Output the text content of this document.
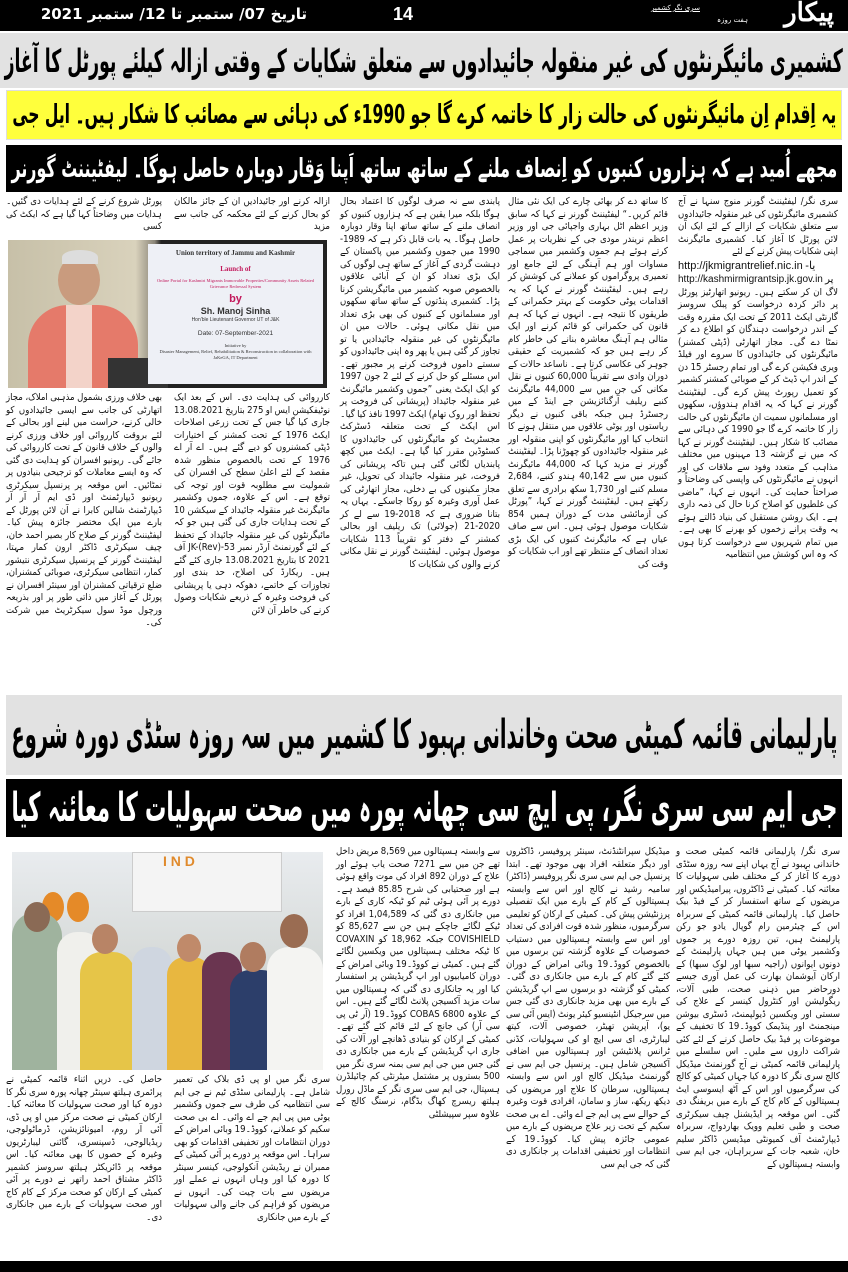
تاریخ 07/ ستمبر تا 12/ ستمبر 2021	14	پیکار
ہفت روزہ
سری نگر کشمیر
کشمیری مائیگرنٹوں کی غیر منقولہ جائیدادوں سے متعلق شکایات کے وقتی ازالہ کیلئے پورٹل کا آغاز
یہ اِقدام اِن مائیگرنٹوں کی حالت زار کا خاتمہ کرے گا جو 1990ء کی دہائی سے مصائب کا شکار ہیں۔ ایل جی
مجھے اُمید ہے کہ ہزاروں کنبوں کو اِنصاف ملنے کے ساتھ ساتھ اَپنا وَقار دوبارہ حاصل ہوگا۔ لیفٹیننٹ گورنر

سری نگر/ لیفٹیننٹ گورنر منوج سنہا نے آج کشمیری مائیگرنٹوں کی غیر منقولہ جائیدادوں سے متعلق شکایات کے ازالے کے لئے ایک آن لائن پورٹل کا آغاز کیا۔ کشمیری مائیگرنٹ اپنی شکایات پیش کرنے کے لئے

http://jkmigrantrelief.nic.in -یا
http://kashmirmigrantsip.jk.gov.in پر

لاگ ان کر سکتے ہیں۔ ریونیو اتھارٹیز پورٹل پر دائر کردہ درخواست کو پبلک سروسز گارنٹی ایکٹ 2011 کے تحت ایک مقررہ وقت کے اندر درخواست دہندگان کو اطلاع دے کر نمٹا دے گی۔ مجاز اتھارٹی (ڈپٹی کمشنر) مائیگرنٹوں کی جائیدادوں کا سروے اور فیلڈ ویری فکیشن کرے گی اور تمام رجسٹر 15 دن کے اندر اپ ڈیٹ کر کے صوبائی کمشنر کشمیر کو تعمیل رپورٹ پیش کرے گی۔ لیفٹیننٹ گورنر نے کہا کہ یہ اقدام ہندوؤں، سکھوں اور مسلمانوں سمیت ان مائیگرنٹوں کی حالت زار کا خاتمہ کرے گا جو 1990 کی دہائی سے مصائب کا شکار ہیں۔ لیفٹیننٹ گورنر نے کہا کہ میں نے گزشتہ 13 مہینوں میں مختلف مذاہب کے متعدد وفود سے ملاقات کی اور انہوں نے مائیگرنٹوں کی واپسی کی وضاحتاً و صراحتاً حمایت کی۔ انہوں نے کہا، ”ماضی کی غلطیوں کو اصلاح کرنا حال کی ذمہ داری ہے۔ ایک روشن مستقبل کی بنیاد ڈالتے ہوئے یہ وقت پرانے زخموں کو بھرنے کا بھی ہے۔ میں تمام شہریوں سے درخواست کرتا ہوں کہ وہ اس کوشش میں انتظامیہ

کا ساتھ دے کر بھائی چارے کی ایک نئی مثال قائم کریں۔“ لیفٹیننٹ گورنر نے کہا کہ سابق وزیر اعظم اٹل بہاری واجپائی جی اور وزیر اعظم نریندر مودی جی کے نظریات پر عمل کرتے ہوئے ہم جموں وکشمیر میں سماجی مساوات اور ہم آہنگی کے لئے جامع اور تعمیری پروگراموں کو عملانے کی کوشش کر رہے ہیں۔ لیفٹیننٹ گورنر نے کہا کہ یہ اقدامات یوٹی حکومت کے بہتر حکمرانی کے طریقوں کا نتیجہ ہے۔ انہوں نے کہا کہ ہم قانون کی حکمرانی کو قائم کرنے اور ایک مثالی ہم آہنگ معاشرہ بنانے کی خاطر کام کر رہے ہیں جو کہ کشمیریت کے حقیقی جوہر کی عکاسی کرتا ہے۔ ناساعد حالات کے دوران وادی سے تقریباً 60,000 کنبوں نے نقل مکانی کی جن میں سے 44,000 مائیگرنٹ کنبے ریلیف آرگنائزیشن جے اینڈ کے میں رجسٹرڈ ہیں جبکہ باقی کنبوں نے دیگر ریاستوں اور یوٹی علاقوں میں منتقل ہونے کا انتخاب کیا اور مائیگرنٹوں کو اپنی منقولہ اور غیر منقولہ جائیدادوں کو چھوڑنا پڑا۔ لیفٹیننٹ گورنر نے مزید کہا کہ 44,000 مائیگرنٹ کنبوں میں سے 40,142 ہندو کنبے، 2,684 مسلم کنبے اور 1,730 سکھ برادری سے تعلق رکھتے ہیں۔ لیفٹیننٹ گورنر نے کہا، ”پورٹل کی آزمائشی مدت کے دوران ہمیں 854 شکایات موصول ہوئی ہیں۔ اس سے صاف عیاں ہے کہ مائیگرنٹ کنبوں کی ایک بڑی تعداد انصاف کے منتظر تھے اور اب شکایات کو وقت کی

پابندی سے نہ صرف لوگوں کا اعتماد بحال ہوگا بلکہ میرا یقین ہے کہ ہزاروں کنبوں کو انصاف ملنے کے ساتھ ساتھ اپنا وقار دوبارہ حاصل ہوگا۔ یہ بات قابل ذکر ہے کہ 1989-1990 میں جموں وکشمیر میں پاکستان کے دہشت گردی کے آغاز کے ساتھ ہی لوگوں کی ایک بڑی تعداد کو ان کے آبائی علاقوں بالخصوص صوبہ کشمیر میں مائیگریشن کرنا پڑا۔ کشمیری پنڈتوں کے ساتھ ساتھ سکھوں اور مسلمانوں کے کنبوں کی بھی بڑی تعداد میں نقل مکانی ہوئی۔ حالات میں ان مائیگرنٹوں کی غیر منقولہ جائیدادیں یا تو تجاوز کر گئی ہیں یا پھر وہ اپنی جائیدادوں کو سستے داموں فروخت کرنے پر مجبور تھے۔ اس مسئلے کو حل کرنے کے لئے 2 جون 1997 کو ایک ایکٹ یعنی ”جموں وکشمیر مائیگرنٹ غیر منقولہ جائیداد (پریشانی کی فروخت پر تحفظ اور روک تھام) ایکٹ 1997 نافذ کیا گیا۔ اس ایکٹ کے تحت متعلقہ ڈسٹرکٹ مجسٹریٹ کو مائیگرنٹوں کی جائیدادوں کا کسٹوڈین مقرر کیا گیا ہے۔ ایکٹ میں کچھ پابندیاں لگائی گئی ہیں تاکہ پریشانی کی فروخت، غیر منقولہ جائیداد کی تحویل، غیر مجاز مکینوں کی بے دخلی، مجاز اتھارٹی کی عمل آوری وغیرہ کو روکا جاسکے۔ یہاں یہ بتانا ضروری ہے کہ 2018-19 سے لے کر 2020-21 (جولائی) تک ریلیف اور بحالی کمشنر کے دفتر کو تقریباً 113 شکایات موصول ہوئیں۔ لیفٹیننٹ گورنر نے نقل مکانی کرنے والوں کی شکایات کا

ازالہ کرنے اور جائیدادیں ان کے جائز مالکان کو بحال کرنے کے لئے محکمہ کی جانب سے مزید

پورٹل شروع کرنے کے لئے ہدایات دی گئیں۔ ہدایات میں وضاحتاً کہا گیا ہے کہ ایکٹ کی کسی

Union territory of Jammu and Kashmir
Launch of
Online Portal for Kashmiri Migrants Immovable Properties/Community Assets Related Grievance Redressal System
by
Sh. Manoj Sinha
Hon'ble Lieutenant Governor UT of J&K
Date: 07-September-2021
Initiative by
Disaster Management, Relief, Rehabilitation & Reconstruction in collaboration with JaKeGA, IT Department

کارروائی کی ہدایت دی۔ اس کے بعد ایک نوٹیفکیشن ایس او 275 بتاریخ 13.08.2021 جاری کیا گیا جس کے تحت زرعی اصلاحات ایکٹ 1976 کے تحت کمشنر کے اختیارات ڈپٹی کمشنروں کو دیے گئے ہیں۔ اے آر اے 1976 کے تحت بالخصوص منظور شدہ مقصد کے لئے اعلیٰ سطح کی افسران کی شمولیت سے مطلوبہ قوت اور توجہ کی توقع ہے۔ اس کے علاوہ، جموں وکشمیر مائیگرنٹ غیر منقولہ جائیداد کے سیکشن 10 کے تحت ہدایات جاری کی گئی ہیں جو کہ مائیگرنٹوں کی غیر منقولہ جائیداد کے تحفظ کے لئے گورنمنٹ آرڈر نمبر 53-JK-(Rev) آف 2021 کا بتاریخ 13.08.2021 جاری کئے گئے ہیں۔ ریکارڈ کی اصلاح، حد بندی اور تجاوزات کے خاتمے، دھوکہ دہی یا پریشانی کی فروخت وغیرہ کے ذریعے شکایات وصول کرنے کی خاطر آن لائن

بھی خلاف ورزی بشمول مذہبی املاک، مجاز اتھارٹی کی جانب سے ایسی جائیدادوں کو خالی کرنے، حراست میں لینے اور بحالی کے لئے بروقت کارروائی اور خلاف ورزی کرنے والوں کے خلاف قانون کے تحت کارروائی کی جائے گی۔ ریونیو افسران کو ہدایت دی گئی کہ وہ ایسے معاملات کو ترجیحی بنیادوں پر نمٹائیں۔ اس موقعہ پر پرنسپل سیکرٹری ریونیو ڈیپارٹمنٹ اور ڈی ایم آر آر آر ڈیپارٹمنٹ شالین کابرا نے آن لائن پورٹل کے بارے میں ایک مختصر جائزہ پیش کیا۔ لیفٹیننٹ گورنر کے صلاح کار بصیر احمد خان، چیف سیکرٹری ڈاکٹر ارون کمار مہتا، لیفٹیننٹ گورنر کے پرنسپل سیکرٹری نتیشور کمار، انتظامی سیکرٹری، صوبائی کمشنران، ضلع ترقیاتی کمشنران اور سینئر افسران نے پورٹل کے آغاز میں ذاتی طور پر اور بذریعہ ورچول موڈ سول سیکرٹریٹ میں شرکت کی۔

پارلیمانی قائمہ کمیٹی صحت وخاندانی بہبود کا کشمیر میں سہ روزہ سٹڈی دورہ شروع
جی ایم سی سری نگر، پی ایچ سی چھانہ پورہ میں صحت سہولیات کا معائنہ کیا

سری نگر/ پارلیمانی قائمہ کمیٹی صحت و خاندانی بہبود نے آج یہاں اپنے سہ روزہ سٹڈی دورے کا آغاز کر کے مختلف طبی سہولیات کا معائنہ کیا۔ کمیٹی نے ڈاکٹروں، پیرامیڈیکس اور مریضوں کے ساتھ استفسار کر کے فیڈ بیک حاصل کیا۔ پارلیمانی قائمہ کمیٹی کے سربراہ اس کے چیئرمین رام گوپال یادو جو رکن پارلیمنٹ ہیں، تین روزہ دورے پر جموں وکشمیر یوٹی میں ہیں جہاں پارلیمنٹ کے دونوں ایوانوں (راجیہ سبھا اور لوک سبھا) کے ارکان آیوشمان بھارت کی عمل آوری جیسے دورحاضر میں ذہنی صحت، طبی آلات، ریگولیشن اور کنٹرول کینسر کے علاج کی سستی اور ویکسین ڈیولپمنٹ، ڈسٹری بیوشن مینجمنٹ اور پنڈیمک کووڈ۔19 کا تخفیف کے موضوعات پر فیڈ بیک حاصل کرنے کے لئے کئی شراکت داروں سے ملیں۔ اس سلسلے میں پارلیمانی قائمہ کمیٹی نے آج گورنمنٹ میڈیکل کالج سری نگر کا دورہ کیا جہاں کمیٹی کو کالج کی سرگرمیوں اور اس کے آٹھ ایسوسی ایٹ ہسپتالوں کے کام کاج کے بارے میں بریفنگ دی گئی۔ اس موقعہ پر ایڈیشنل چیف سیکرٹری صحت و طبی تعلیم وویک بھاردواج، سربراہ ڈیپارٹمنٹ آف کمیونٹی میڈیسن ڈاکٹر سلیم خان، شعبہ جات کے سربراہان، جی ایم سی وابستہ ہسپتالوں کے

میڈیکل سپرانٹنڈنٹ، سینئر پروفیسر، ڈاکٹروں اور دیگر متعلقہ افراد بھی موجود تھے۔ ابتدا پرنسپل جی ایم سی سری نگر پروفیسر (ڈاکٹر) سامیہ رشید نے کالج اور اس سے وابستہ ہسپتالوں کے کام کے بارے میں ایک تفصیلی پرزنٹیشن پیش کی۔ کمیٹی کے ارکان کو تعلیمی سرگرمیوں، منظور شدہ قوت افرادی کی تعداد اور اس سے وابستہ ہسپتالوں میں دستیاب خصوصیات کے علاوہ گزشتہ تین برسوں میں بالخصوص کووڈ۔19 وبائی امراض کے دوران کئے گئے کام کے بارے میں جانکاری دی گئی۔ کمیٹی کو گزشتہ دو برسوں سے اپ گریڈیشن کے بارے میں بھی مزید جانکاری دی گئی جس میں سرجیکل انٹینسیو کیئر یونٹ (ایس آئی سی یو)، آپریشن تھیٹر، خصوصی آلات، کیتھ لیبارٹری، ای سی ایچ او کی سہولیات، کڈنی ٹرانس پلانٹیشن اور ہسپتالوں میں اضافی آکسیجن شامل ہیں۔ پرنسپل جی ایم سی نے گورنمنٹ میڈیکل کالج اور اس سے وابستہ ہسپتالوں، سرطان کا علاج اور مریضوں کی دیکھ ریکھ، ساز و سامان، افرادی قوت وغیرہ کے حوالے سے پی ایم جے اے وائی۔ اے بی صحت سکیم کے تحت زیر علاج مریضوں کے بارے میں عمومی جائزہ پیش کیا۔ کووڈ۔19 کے انتظامات اور تخفیفی اقدامات پر جانکاری دی گئی کہ جی ایم سی

سے وابستہ ہسپتالوں میں 8,569 مریض داخل تھے جن میں سے 7271 صحت یاب ہوئے اور علاج کے دوران 892 افراد کی موت واقع ہوئی ہے اور صحتیابی کی شرح 85.85 فیصد ہے۔ دورے پر آئی ہوئی ٹیم کو ٹیکہ کاری کے بارے میں جانکاری دی گئی کہ 1,04,589 افراد کو ٹیکے لگائے جاچکے ہیں جن سے 85,627 کو COVISHIELD جبکہ 18,962 کو COVAXIN کا ٹیکہ مختلف ہسپتالوں میں ویکسین لگائے گئے ہیں۔ کمیٹی نے کووڈ۔19 وبائی امراض کے دوران کامیابیوں اور اپ گریڈیشن پر استفسار کیا اور یہ جانکاری دی گئی کہ ہسپتالوں میں سات مزید آکسیجن پلانٹ لگائے گئے ہیں۔ اس کے علاوہ COBAS 6800 کووڈ۔19 (آر ٹی پی سی آر) کی جانچ کے لئے قائم کئے گئے تھے۔ کمیٹی کے ارکان کو بنیادی ڈھانچے اور آلات کی جاری اپ گریڈیشن کے بارے میں جانکاری دی گئی جس میں جی ایم سی بمنہ سری نگر میں 500 بستروں پر مشتمل میٹرنٹی کم چائیلڈرن ہسپتال، جی ایم سی سری نگر کے ماڈل رورل ہیلتھ ریسرچ کھاگ بڈگام، نرسنگ کالج کے علاوہ سپر سپیشلٹی

I N D

سری نگر میں او پی ڈی بلاک کی تعمیر شامل ہے۔ پارلیمانی سٹڈی ٹیم نے جی ایم سی انتظامیہ کی طرف سے جموں وکشمیر یوٹی میں پی ایم جے اے وائی۔ اے بی صحت سکیم کو عملانے، کووڈ۔19 وبائی امراض کے دوران انتظامات اور تخفیفی اقدامات کو بھی سراہا۔ اس موقعہ پر دورے پر آئی کمیٹی کے ممبران نے ریڈیشن آنکولوجی، کینسر سینٹر کا دورہ کیا اور وہاں انہوں نے عملے اور مریضوں سے بات چیت کی۔ انہوں نے مریضوں کو فراہم کی جانے والی سہولیات کے بارے میں جانکاری

حاصل کی۔ دریں اثناء قائمہ کمیٹی نے پرائمری ہیلتھ سینٹر چھانہ پورہ سری نگر کا دورہ کیا اور صحت سہولیات کا معائنہ کیا۔ ارکان کمیٹی نے صحت مرکز میں او پی ڈی، آئی آر روم، امیونائزیشن، ڈرماٹولوجی، ریڈیالوجی، ڈسپنسری، گائنی لیبارٹریوں وغیرہ کے حصوں کا بھی معائنہ کیا۔ اس موقعہ پر ڈائریکٹر ہیلتھ سروسز کشمیر ڈاکٹر مشتاق احمد راتھر نے دورے پر آئی کمیٹی کے ارکان کو صحت مرکز کے کام کاج اور صحت سہولیات کے بارے میں جانکاری دی۔
